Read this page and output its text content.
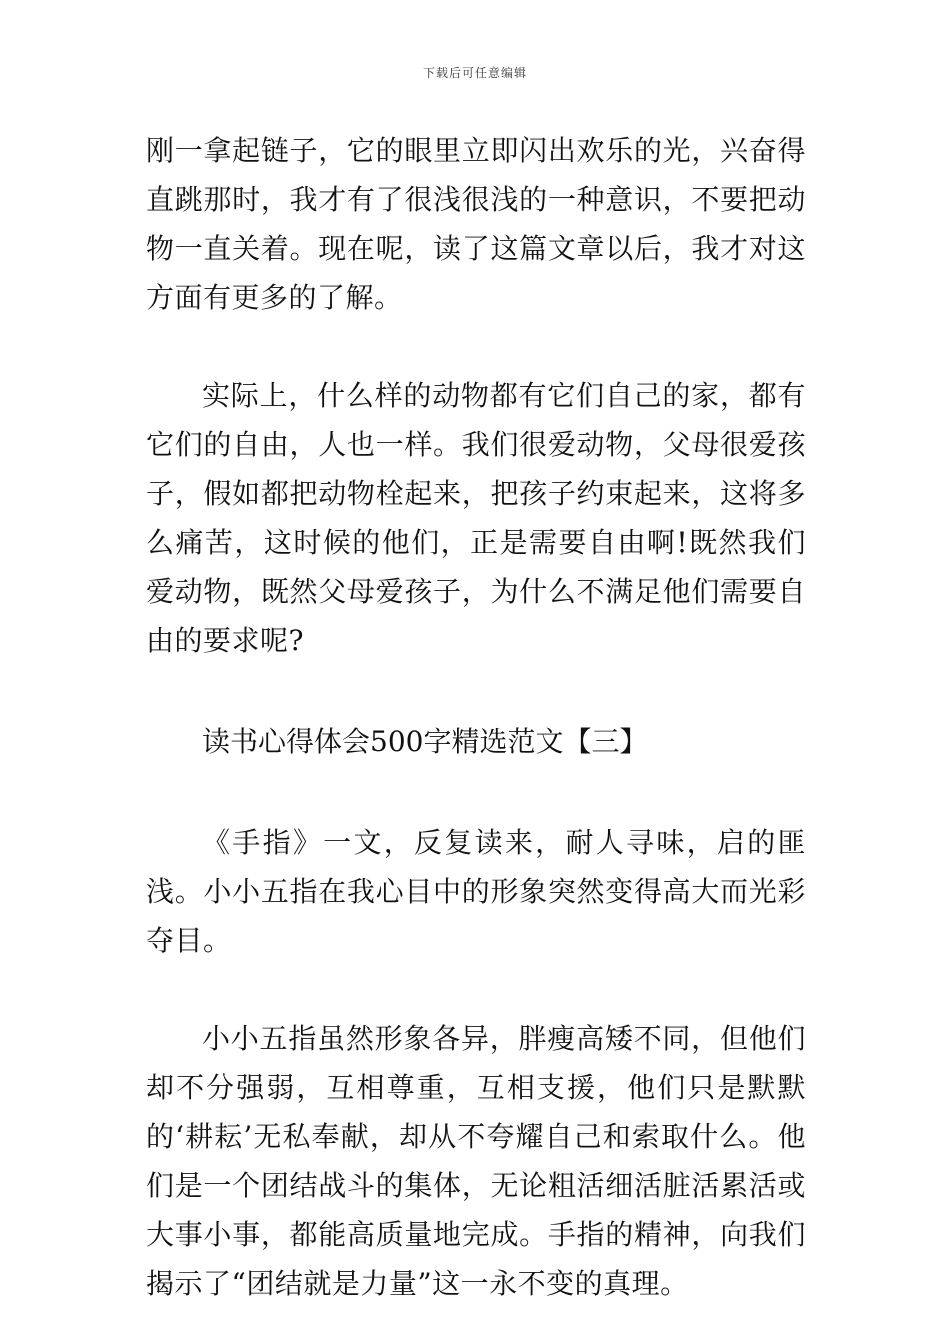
下载后可任意编辑

刚一拿起链子，它的眼里立即闪出欢乐的光，兴奋得直跳那时，我才有了很浅很浅的一种意识，不要把动物一直关着。现在呢，读了这篇文章以后，我才对这方面有更多的了解。

实际上，什么样的动物都有它们自己的家，都有它们的自由，人也一样。我们很爱动物，父母很爱孩子，假如都把动物栓起来，把孩子约束起来，这将多么痛苦，这时候的他们，正是需要自由啊!既然我们爱动物，既然父母爱孩子，为什么不满足他们需要自由的要求呢?

读书心得体会500字精选范文【三】

《手指》一文，反复读来，耐人寻味，启的匪浅。小小五指在我心目中的形象突然变得高大而光彩夺目。

小小五指虽然形象各异，胖瘦高矮不同，但他们却不分强弱，互相尊重，互相支援，他们只是默默的‘耕耘’无私奉献，却从不夸耀自己和索取什么。他们是一个团结战斗的集体，无论粗活细活脏活累活或大事小事，都能高质量地完成。手指的精神，向我们揭示了“团结就是力量”这一永不变的真理。
